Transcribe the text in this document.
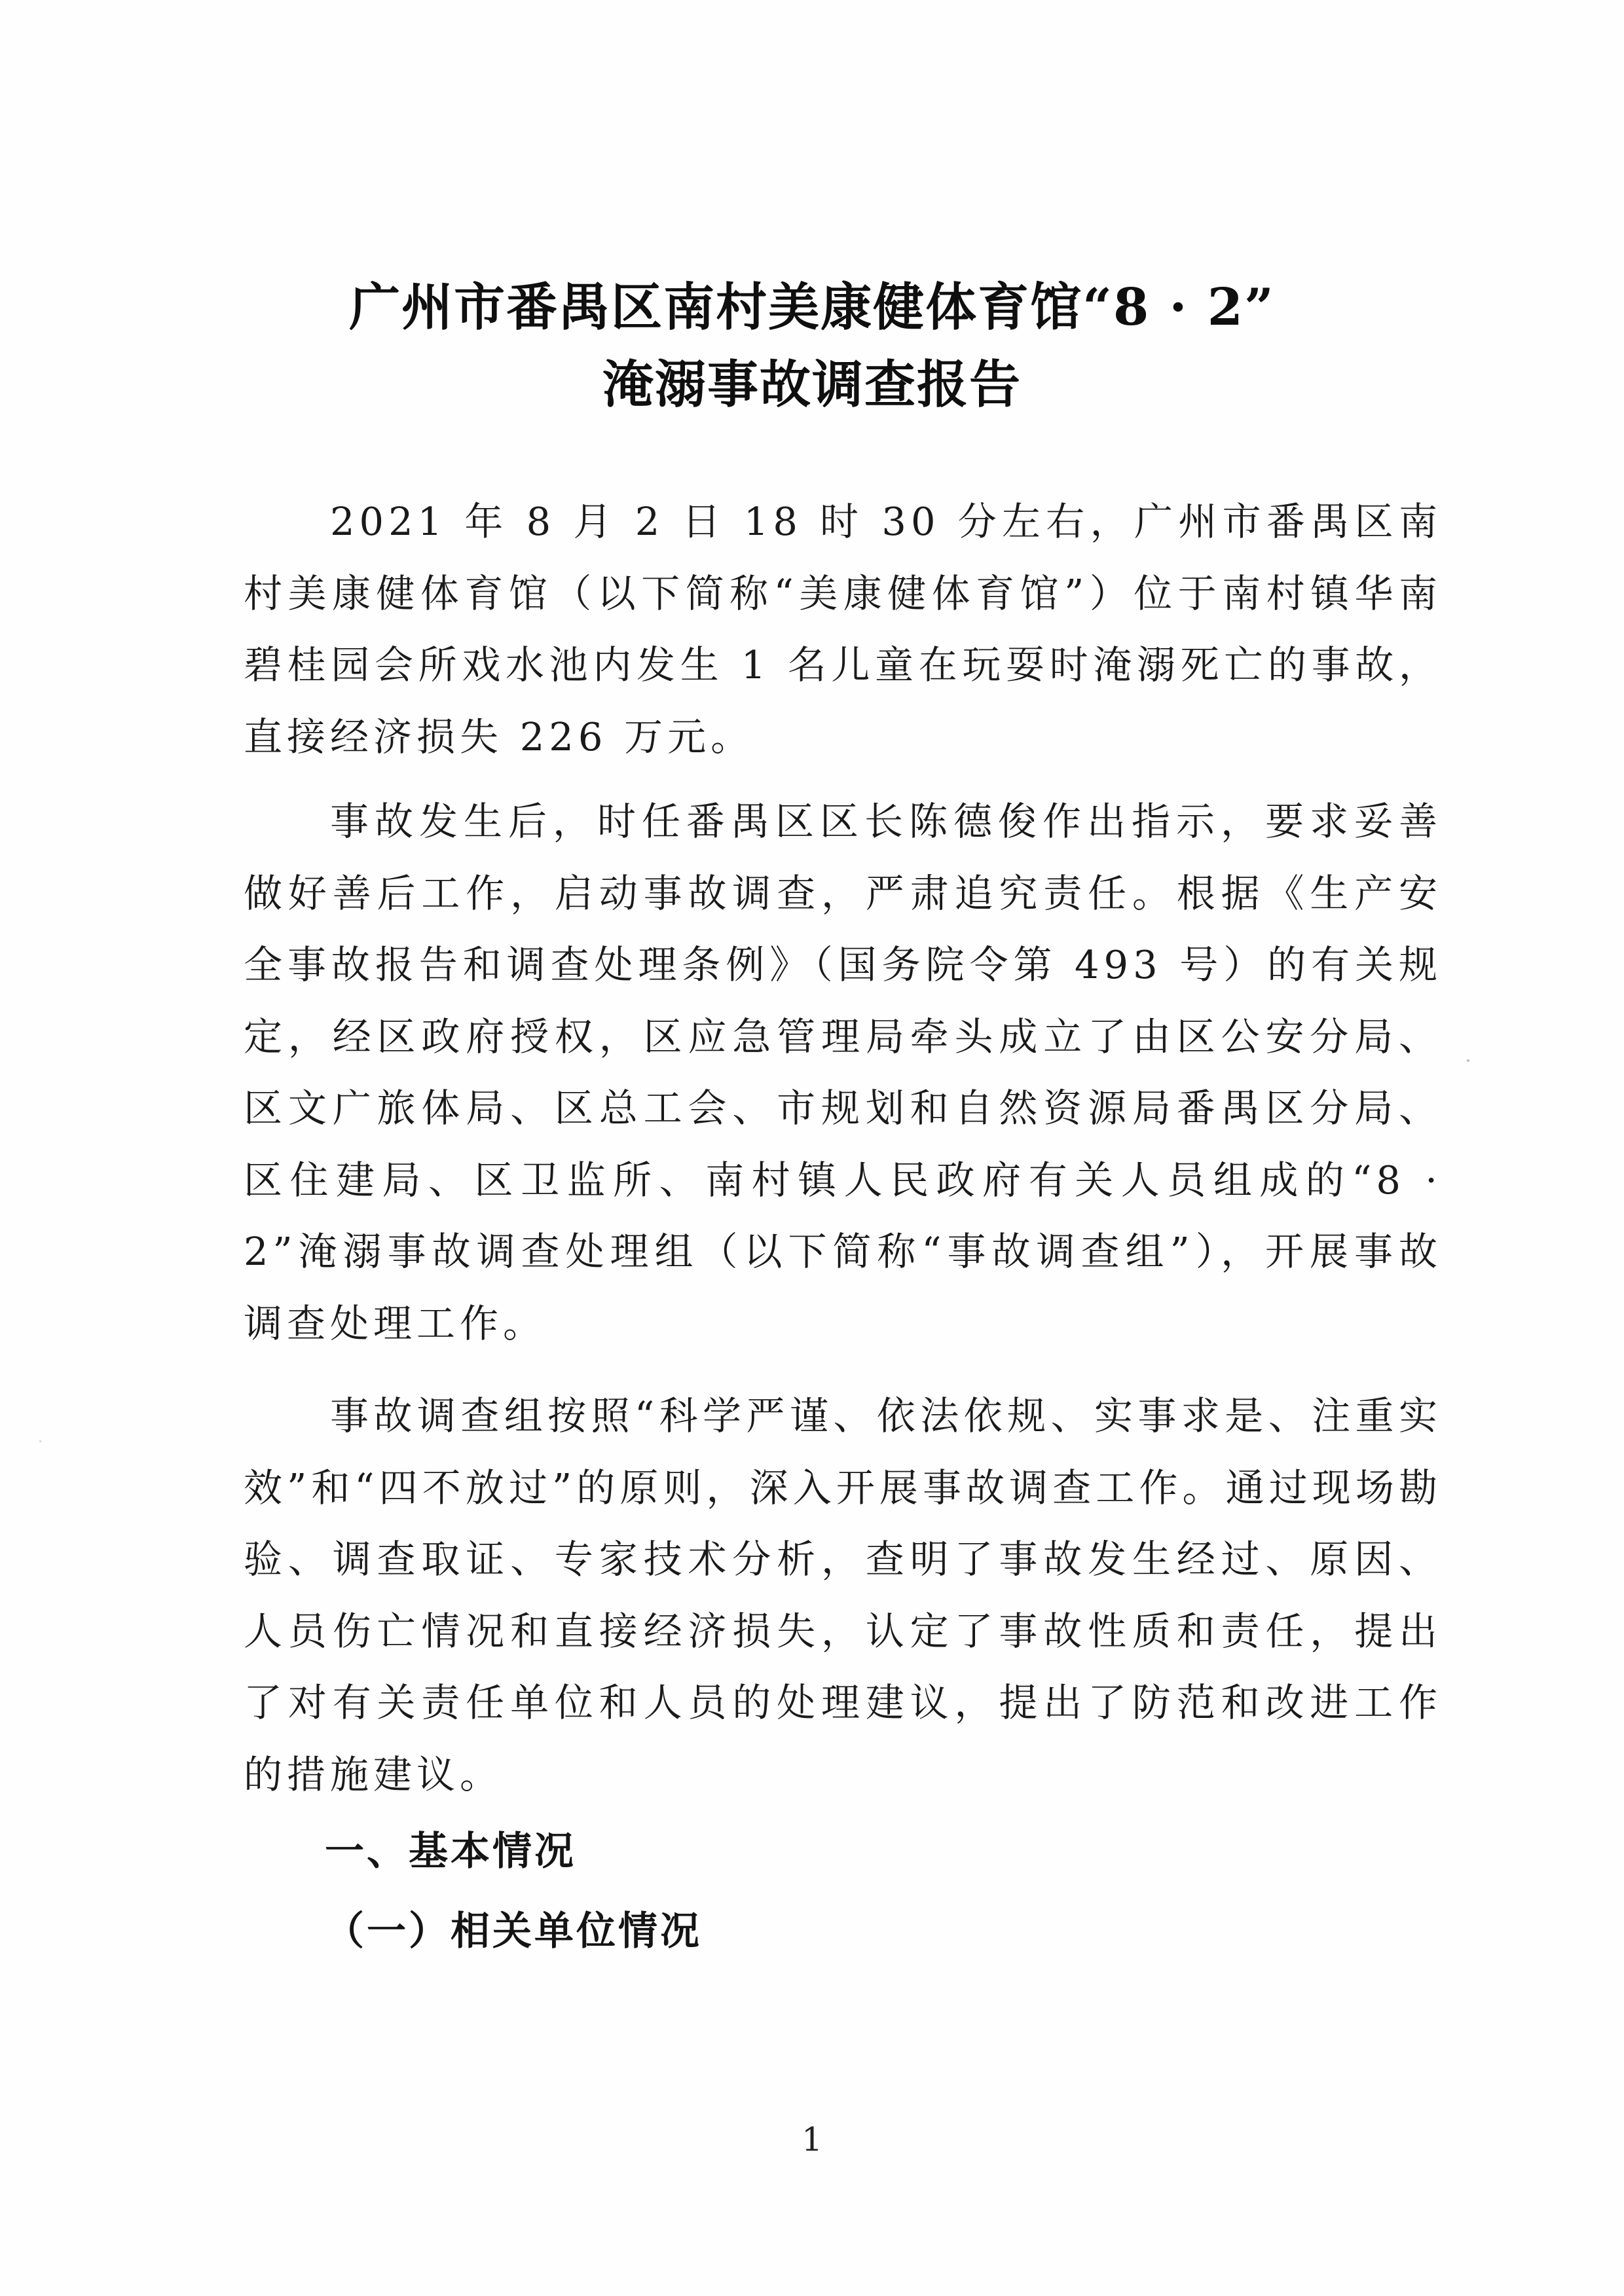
广州市番禺区南村美康健体育馆“8 · 2”
淹溺事故调查报告

2021 年 8 月 2 日 18 时 30 分左右，广州市番禺区南村美康健体育馆（以下简称“美康健体育馆”）位于南村镇华南碧桂园会所戏水池内发生 1 名儿童在玩耍时淹溺死亡的事故，直接经济损失 226 万元。

事故发生后，时任番禺区区长陈德俊作出指示，要求妥善做好善后工作，启动事故调查，严肃追究责任。根据《生产安全事故报告和调查处理条例》（国务院令第 493 号）的有关规定，经区政府授权，区应急管理局牵头成立了由区公安分局、区文广旅体局、区总工会、市规划和自然资源局番禺区分局、区住建局、区卫监所、南村镇人民政府有关人员组成的“8 · 2”淹溺事故调查处理组（以下简称“事故调查组”），开展事故调查处理工作。

事故调查组按照“科学严谨、依法依规、实事求是、注重实效”和“四不放过”的原则，深入开展事故调查工作。通过现场勘验、调查取证、专家技术分析，查明了事故发生经过、原因、人员伤亡情况和直接经济损失，认定了事故性质和责任，提出了对有关责任单位和人员的处理建议，提出了防范和改进工作的措施建议。

一、基本情况
（一）相关单位情况
1
